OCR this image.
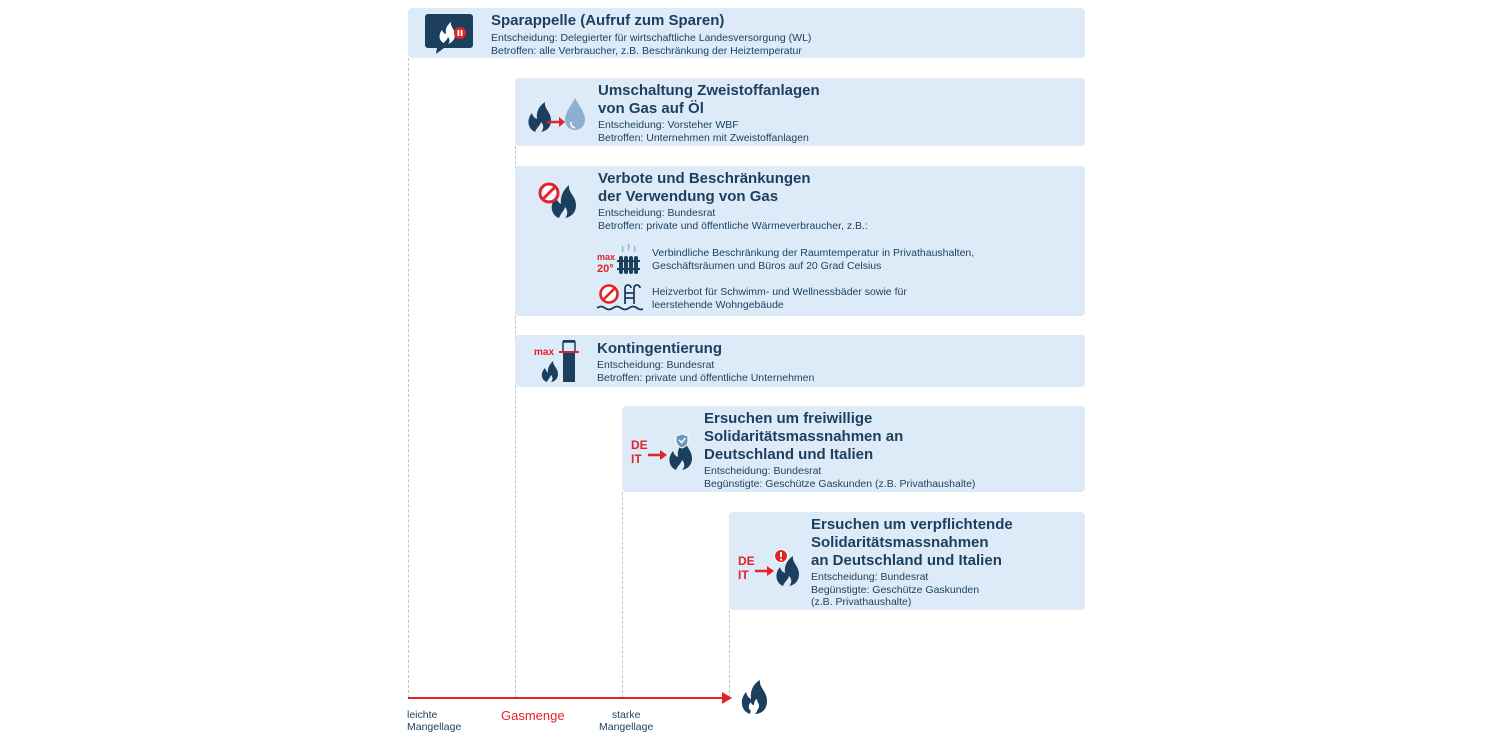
Sparappelle (Aufruf zum Sparen)
Entscheidung: Delegierter für wirtschaftliche Landesversorgung (WL)
Betroffen: alle Verbraucher, z.B. Beschränkung der Heiztemperatur
Umschaltung Zweistoffanlagen
von Gas auf Öl
Entscheidung: Vorsteher WBF
Betroffen: Unternehmen mit Zweistoffanlagen
Verbote und Beschränkungen
der Verwendung von Gas
Entscheidung: Bundesrat
Betroffen: private und öffentliche Wärmeverbraucher, z.B.:
max
20°
Verbindliche Beschränkung der Raumtemperatur in Privathaushalten,
Geschäftsräumen und Büros auf 20 Grad Celsius
Heizverbot für Schwimm- und Wellnessbäder sowie für
leerstehende Wohngebäude
max	Kontingentierung
Entscheidung: Bundesrat
Betroffen: private und öffentliche Unternehmen
DE
IT
Ersuchen um freiwillige
Solidaritätsmassnahmen an
Deutschland und Italien
Entscheidung: Bundesrat
Begünstigte: Geschütze Gaskunden (z.B. Privathaushalte)
DE
IT
Ersuchen um verpflichtende
Solidaritätsmassnahmen
an Deutschland und Italien
Entscheidung: Bundesrat
Begünstigte: Geschütze Gaskunden
(z.B. Privathaushalte)
leichte
Mangellage
Gasmenge	starke
Mangellage
